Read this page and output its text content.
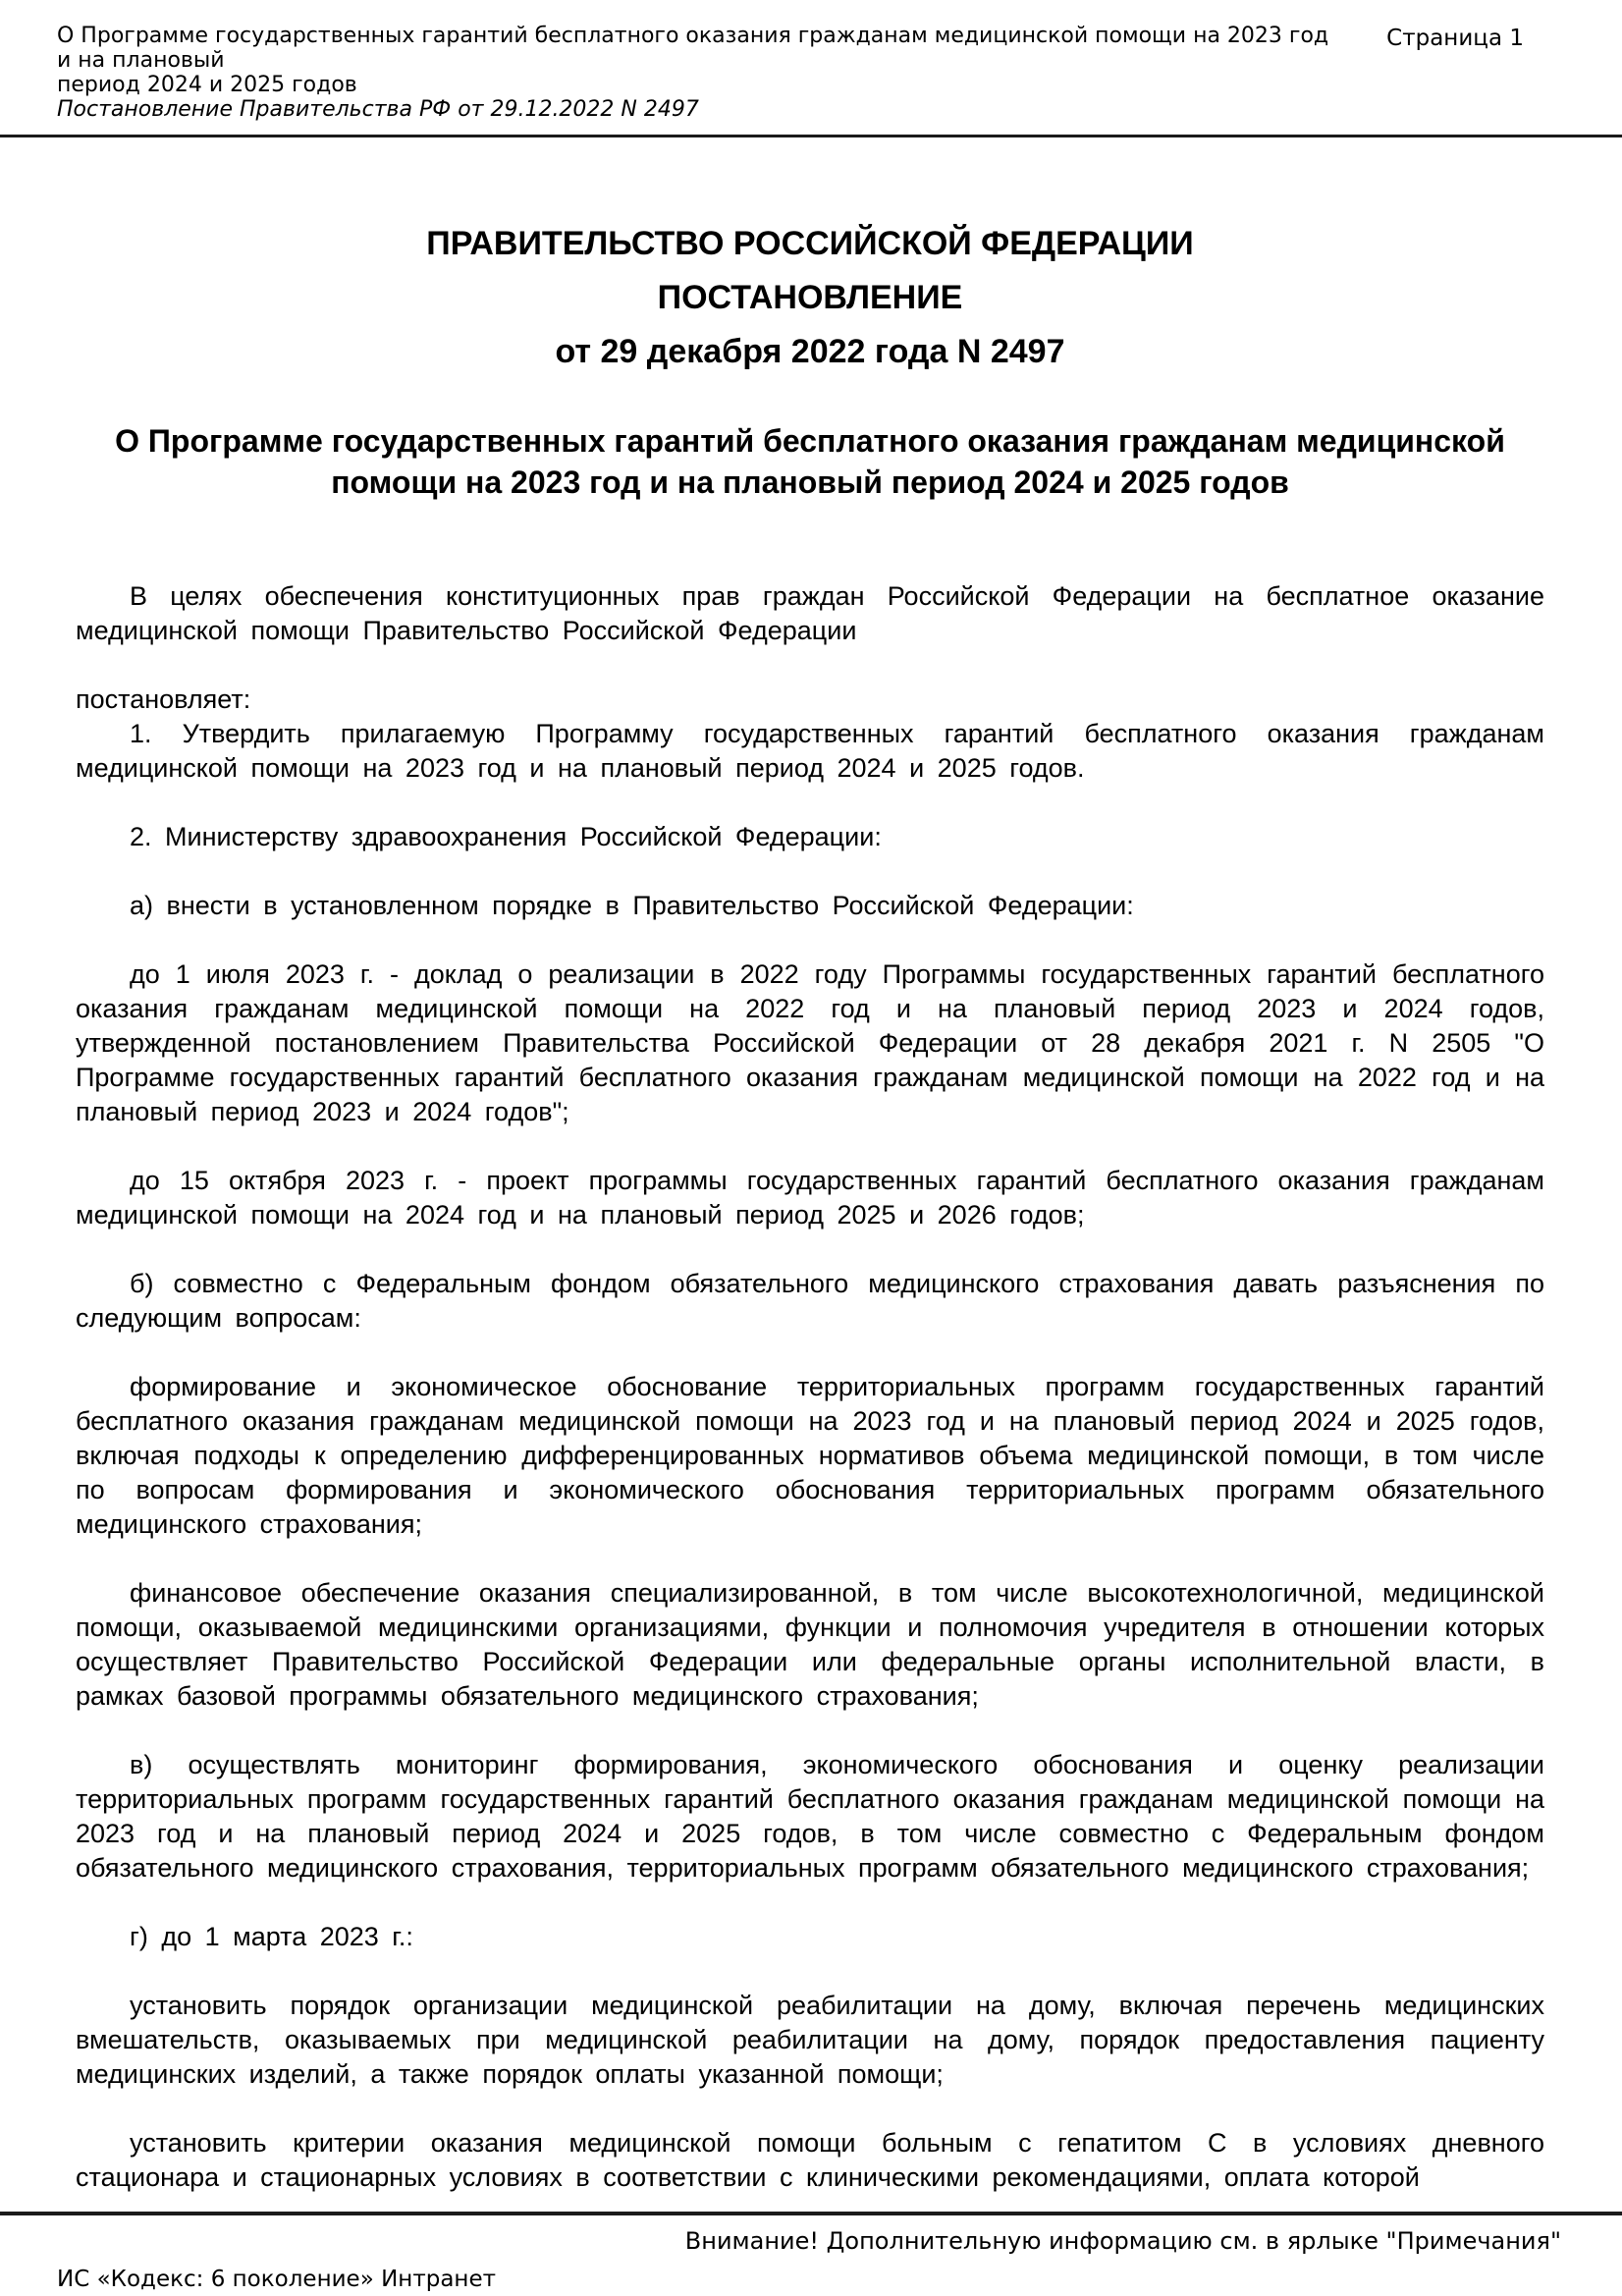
О Программе государственных гарантий бесплатного оказания гражданам медицинской помощи на 2023 год и на плановый
период 2024 и 2025 годов
Постановление Правительства РФ от 29.12.2022 N 2497
Страница 1
ПРАВИТЕЛЬСТВО РОССИЙСКОЙ ФЕДЕРАЦИИ
ПОСТАНОВЛЕНИЕ
от 29 декабря 2022 года N 2497
О Программе государственных гарантий бесплатного оказания гражданам медицинской
помощи на 2023 год и на плановый период 2024 и 2025 годов

В целях обеспечения конституционных прав граждан Российской Федерации на бесплатное оказание медицинской помощи Правительство Российской Федерации

постановляет:

1. Утвердить прилагаемую Программу государственных гарантий бесплатного оказания гражданам медицинской помощи на 2023 год и на плановый период 2024 и 2025 годов.

2. Министерству здравоохранения Российской Федерации:

а) внести в установленном порядке в Правительство Российской Федерации:

до 1 июля 2023 г. - доклад о реализации в 2022 году Программы государственных гарантий бесплатного оказания гражданам медицинской помощи на 2022 год и на плановый период 2023 и 2024 годов, утвержденной постановлением Правительства Российской Федерации от 28 декабря 2021 г. N 2505 "О Программе государственных гарантий бесплатного оказания гражданам медицинской помощи на 2022 год и на плановый период 2023 и 2024 годов";

до 15 октября 2023 г. - проект программы государственных гарантий бесплатного оказания гражданам медицинской помощи на 2024 год и на плановый период 2025 и 2026 годов;

б) совместно с Федеральным фондом обязательного медицинского страхования давать разъяснения по следующим вопросам:

формирование и экономическое обоснование территориальных программ государственных гарантий бесплатного оказания гражданам медицинской помощи на 2023 год и на плановый период 2024 и 2025 годов, включая подходы к определению дифференцированных нормативов объема медицинской помощи, в том числе по вопросам формирования и экономического обоснования территориальных программ обязательного медицинского страхования;

финансовое обеспечение оказания специализированной, в том числе высокотехнологичной, медицинской помощи, оказываемой медицинскими организациями, функции и полномочия учредителя в отношении которых осуществляет Правительство Российской Федерации или федеральные органы исполнительной власти, в рамках базовой программы обязательного медицинского страхования;

в) осуществлять мониторинг формирования, экономического обоснования и оценку реализации территориальных программ государственных гарантий бесплатного оказания гражданам медицинской помощи на 2023 год и на плановый период 2024 и 2025 годов, в том числе совместно с Федеральным фондом обязательного медицинского страхования, территориальных программ обязательного медицинского страхования;

г) до 1 марта 2023 г.:

установить порядок организации медицинской реабилитации на дому, включая перечень медицинских вмешательств, оказываемых при медицинской реабилитации на дому, порядок предоставления пациенту медицинских изделий, а также порядок оплаты указанной помощи;

установить критерии оказания медицинской помощи больным с гепатитом С в условиях дневного стационара и стационарных условиях в соответствии с клиническими рекомендациями, оплата которой

Внимание! Дополнительную информацию см. в ярлыке "Примечания"
ИС «Кодекс: 6 поколение» Интранет
